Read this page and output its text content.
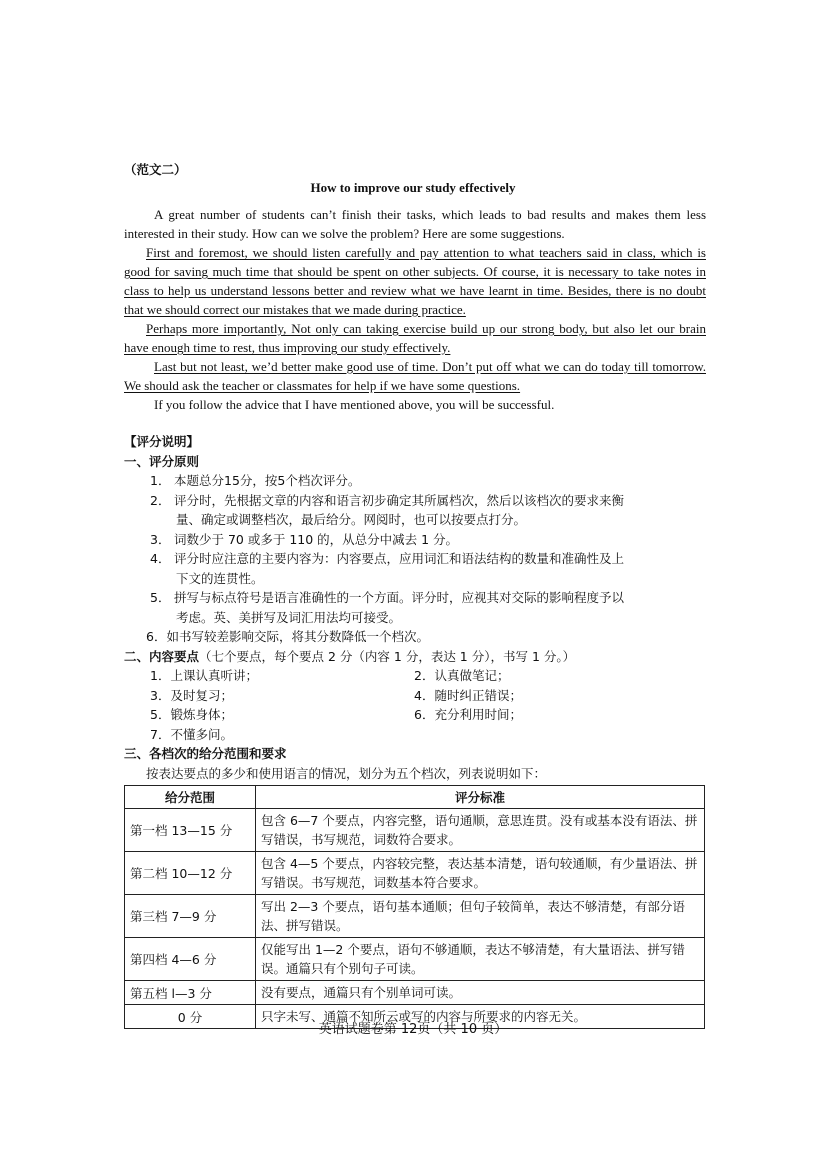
（范文二）
How to improve our study effectively

A great number of students can’t finish their tasks, which leads to bad results and makes them less interested in their study. How can we solve the problem? Here are some suggestions.

First and foremost, we should listen carefully and pay attention to what teachers said in class, which is good for saving much time that should be spent on other subjects. Of course, it is necessary to take notes in class to help us understand lessons better and review what we have learnt in time. Besides, there is no doubt that we should correct our mistakes that we made during practice.

Perhaps more importantly, Not only can taking exercise build up our strong body, but also let our brain have enough time to rest, thus improving our study effectively.

Last but not least, we’d better make good use of time. Don’t put off what we can do today till tomorrow. We should ask the teacher or classmates for help if we have some questions.

If you follow the advice that I have mentioned above, you will be successful.

【评分说明】
一、评分原则
1． 本题总分15分，按5个档次评分。
2． 评分时，先根据文章的内容和语言初步确定其所属档次，然后以该档次的要求来衡
量、确定或调整档次，最后给分。网阅时，也可以按要点打分。
3． 词数少于 70 或多于 110 的，从总分中减去 1 分。
4． 评分时应注意的主要内容为：内容要点，应用词汇和语法结构的数量和准确性及上
下文的连贯性。
5． 拼写与标点符号是语言准确性的一个方面。评分时，应视其对交际的影响程度予以
考虑。英、美拼写及词汇用法均可接受。
6．如书写较差影响交际，将其分数降低一个档次。
二、内容要点（七个要点，每个要点 2 分（内容 1 分，表达 1 分），书写 1 分。）
1．上课认真听讲；	2．认真做笔记；
3．及时复习；	4．随时纠正错误；
5．锻炼身体；	6．充分利用时间；
7．不懂多问。
三、各档次的给分范围和要求
按表达要点的多少和使用语言的情况，划分为五个档次，列表说明如下：
给分范围	评分标准
第一档 13—15 分	包含 6—7 个要点，内容完整，语句通顺，意思连贯。没有或基本没有语法、拼写错误，书写规范，词数符合要求。
第二档 10—12 分	包含 4—5 个要点，内容较完整，表达基本清楚，语句较通顺，有少量语法、拼写错误。书写规范，词数基本符合要求。
第三档 7—9 分	写出 2—3 个要点，语句基本通顺；但句子较简单，表达不够清楚，有部分语法、拼写错误。
第四档 4—6 分	仅能写出 1—2 个要点，语句不够通顺，表达不够清楚，有大量语法、拼写错误。通篇只有个别句子可读。
第五档 l—3 分	没有要点，通篇只有个别单词可读。
0 分	只字未写、通篇不知所云或写的内容与所要求的内容无关。
英语试题卷第 12页（共 10 页）
